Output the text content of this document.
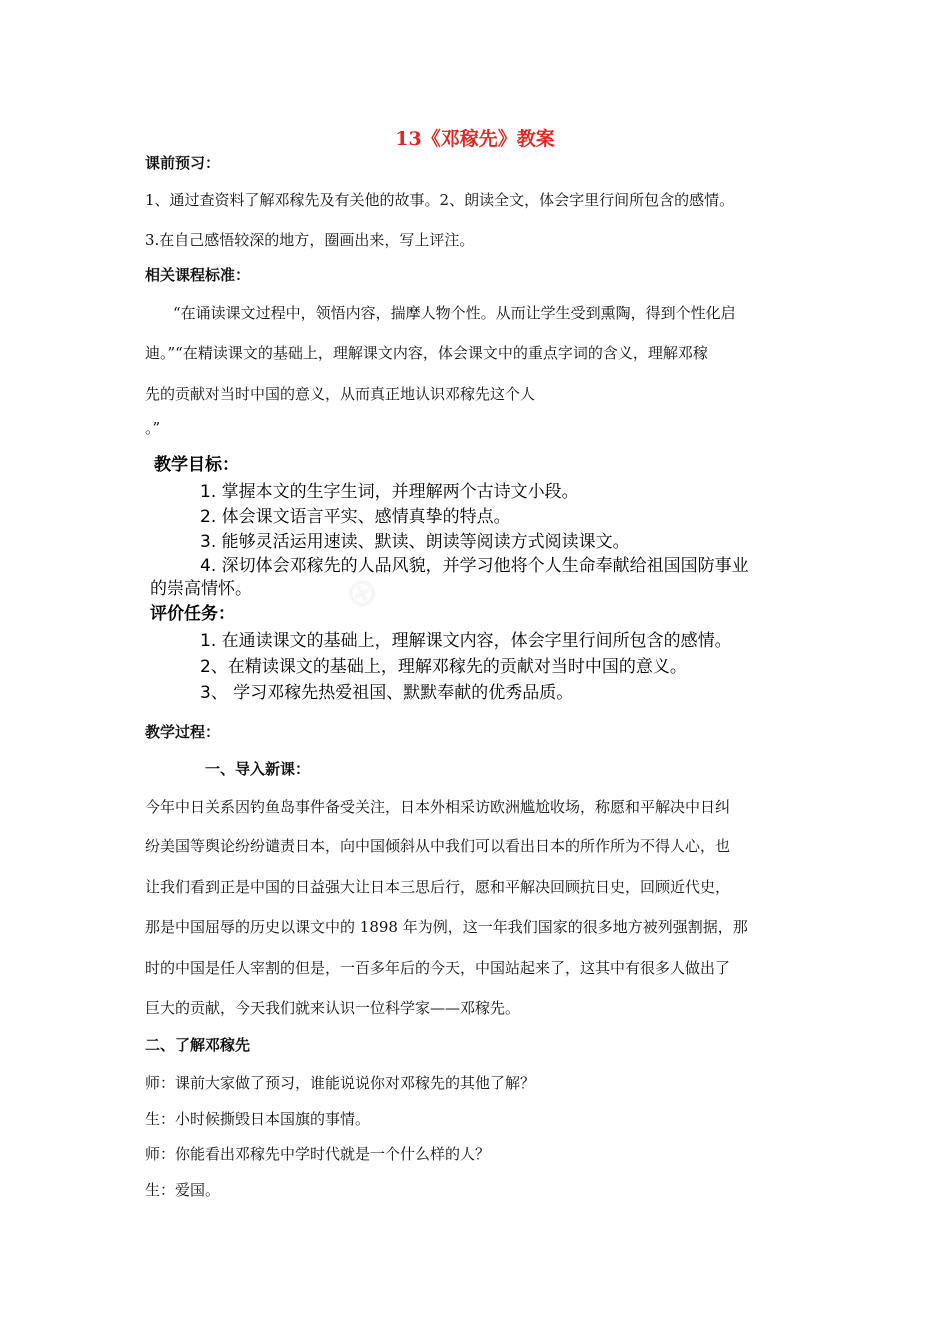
13《邓稼先》教案
课前预习：
1、通过查资料了解邓稼先及有关他的故事。2、朗读全文，体会字里行间所包含的感情。
3.在自己感悟较深的地方，圈画出来，写上评注。
相关课程标准：
“在诵读课文过程中，领悟内容，揣摩人物个性。从而让学生受到熏陶，得到个性化启
迪。”“在精读课文的基础上，理解课文内容，体会课文中的重点字词的含义，理解邓稼
先的贡献对当时中国的意义，从而真正地认识邓稼先这个人
。”
教学目标：
1. 掌握本文的生字生词，并理解两个古诗文小段。
2. 体会课文语言平实、感情真挚的特点。
3. 能够灵活运用速读、默读、朗读等阅读方式阅读课文。
4. 深切体会邓稼先的人品风貌，并学习他将个人生命奉献给祖国国防事业
的崇高情怀。
评价任务：
1. 在通读课文的基础上，理解课文内容，体会字里行间所包含的感情。
2、在精读课文的基础上，理解邓稼先的贡献对当时中国的意义。
3、 学习邓稼先热爱祖国、默默奉献的优秀品质。
教学过程：
一、导入新课：
今年中日关系因钓鱼岛事件备受关注，日本外相采访欧洲尴尬收场，称愿和平解决中日纠
纷美国等舆论纷纷谴责日本，向中国倾斜从中我们可以看出日本的所作所为不得人心，也
让我们看到正是中国的日益强大让日本三思后行，愿和平解决回顾抗日史，回顾近代史，
那是中国屈辱的历史以课文中的 1898 年为例，这一年我们国家的很多地方被列强割据，那
时的中国是任人宰割的但是，一百多年后的今天，中国站起来了，这其中有很多人做出了
巨大的贡献，今天我们就来认识一位科学家——邓稼先。
二、了解邓稼先
师：课前大家做了预习，谁能说说你对邓稼先的其他了解？
生：小时候撕毁日本国旗的事情。
师：你能看出邓稼先中学时代就是一个什么样的人？
生：爱国。
